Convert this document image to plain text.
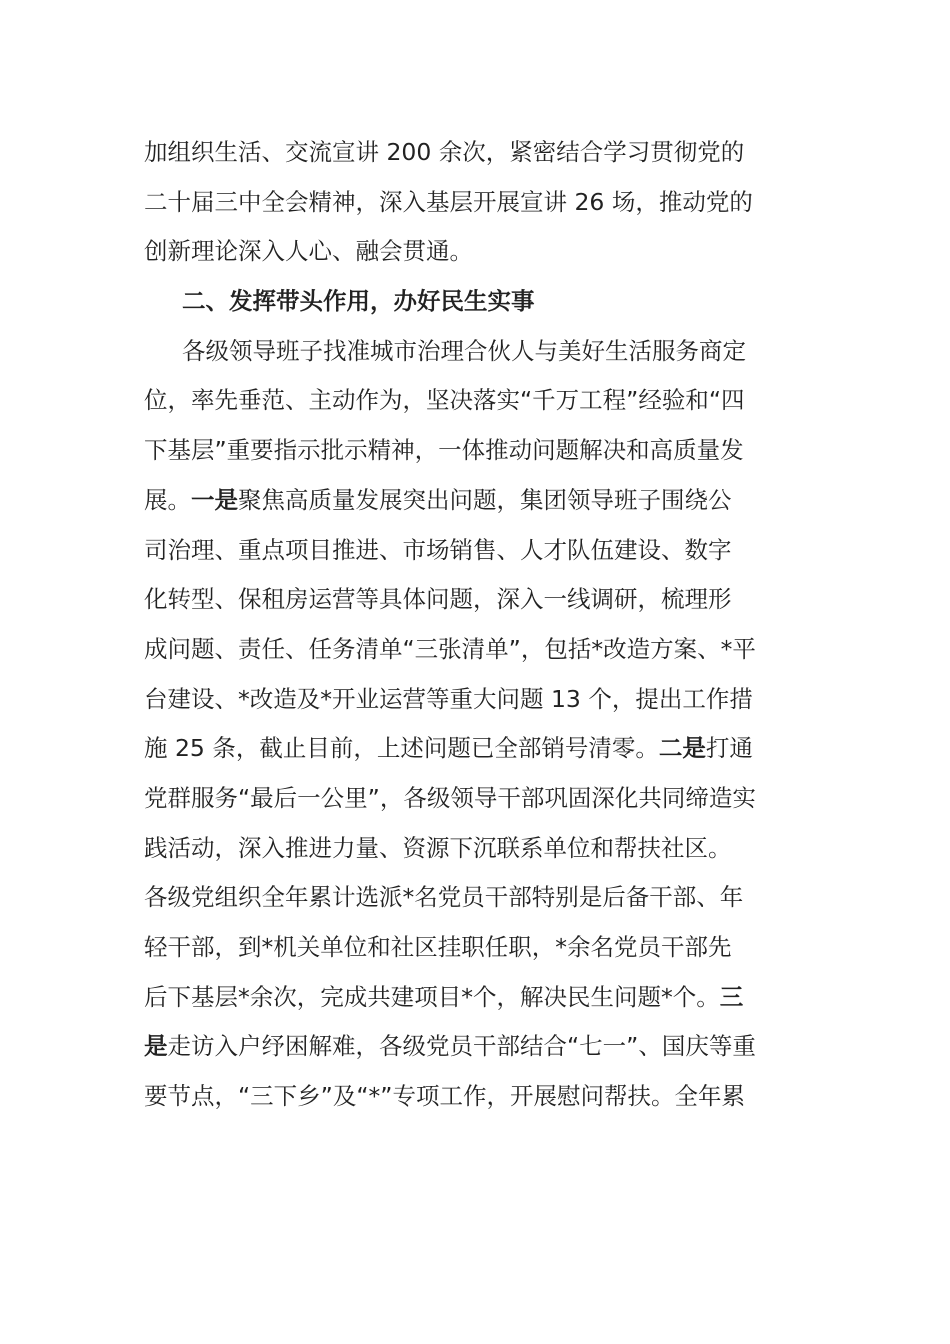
加组织生活、交流宣讲 200 余次，紧密结合学习贯彻党的
二十届三中全会精神，深入基层开展宣讲 26 场，推动党的
创新理论深入人心、融会贯通。
二、发挥带头作用，办好民生实事
各级领导班子找准城市治理合伙人与美好生活服务商定
位，率先垂范、主动作为，坚决落实“千万工程”经验和“四
下基层”重要指示批示精神，一体推动问题解决和高质量发
展。一是聚焦高质量发展突出问题，集团领导班子围绕公
司治理、重点项目推进、市场销售、人才队伍建设、数字
化转型、保租房运营等具体问题，深入一线调研，梳理形
成问题、责任、任务清单“三张清单”，包括*改造方案、*平
台建设、*改造及*开业运营等重大问题 13 个，提出工作措
施 25 条，截止目前，上述问题已全部销号清零。二是打通
党群服务“最后一公里”，各级领导干部巩固深化共同缔造实
践活动，深入推进力量、资源下沉联系单位和帮扶社区。
各级党组织全年累计选派*名党员干部特别是后备干部、年
轻干部，到*机关单位和社区挂职任职，*余名党员干部先
后下基层*余次，完成共建项目*个，解决民生问题*个。三
是走访入户纾困解难，各级党员干部结合“七一”、国庆等重
要节点，“三下乡”及“*”专项工作，开展慰问帮扶。全年累
